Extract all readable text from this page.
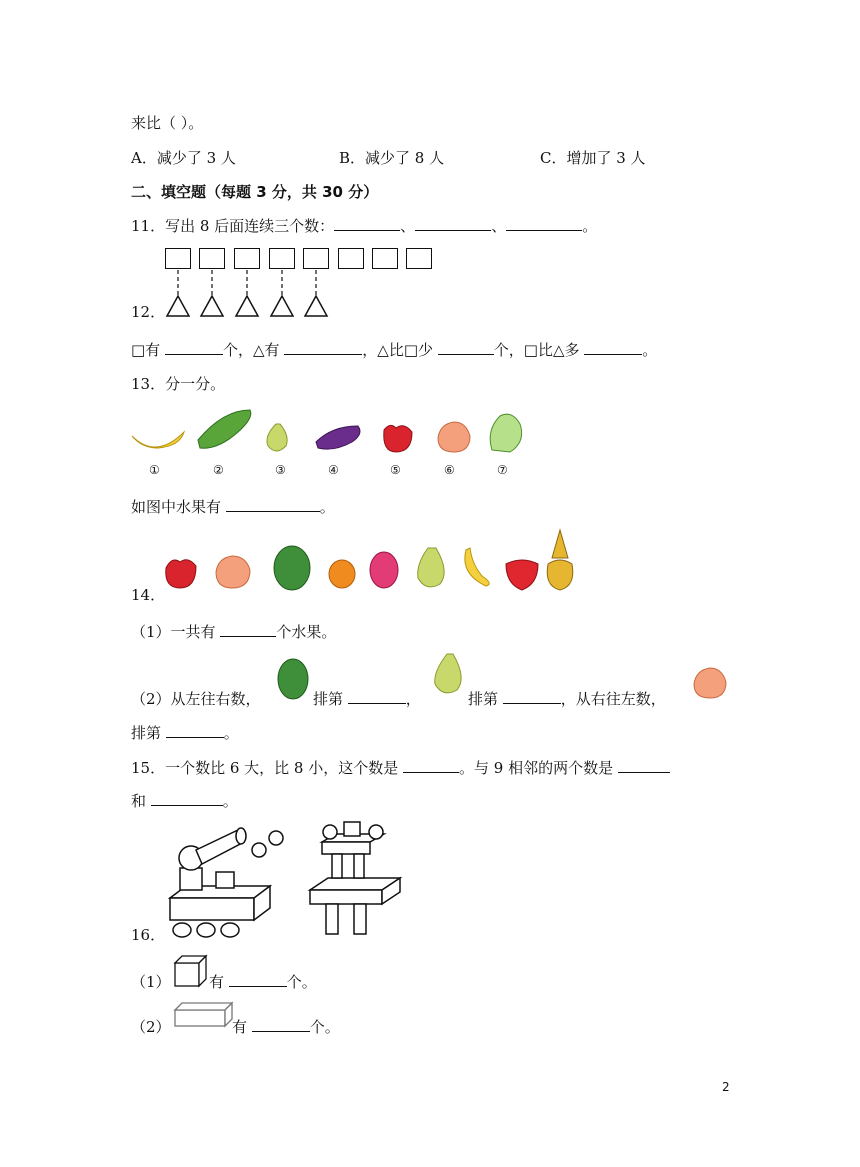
来比（ ）。
A．减少了 3 人	B．减少了 8 人	C．增加了 3 人
二、填空题（每题 3 分，共 30 分）
11．写出 8 后面连续三个数：	、	、	。
12．
□有	个，△有	，△比□少	个，□比△多	。
13．分一分。
①	②	③	④	⑤	⑥	⑦
如图中水果有	。
14．
（1）一共有	个水果。
（2）从左往右数，	排第	，	排第	，从右往左数，
排第	。
15．一个数比 6 大，比 8 小，这个数是	。与 9 相邻的两个数是
和	。
16．
（1）	有	个。
（2）	有	个。
2
